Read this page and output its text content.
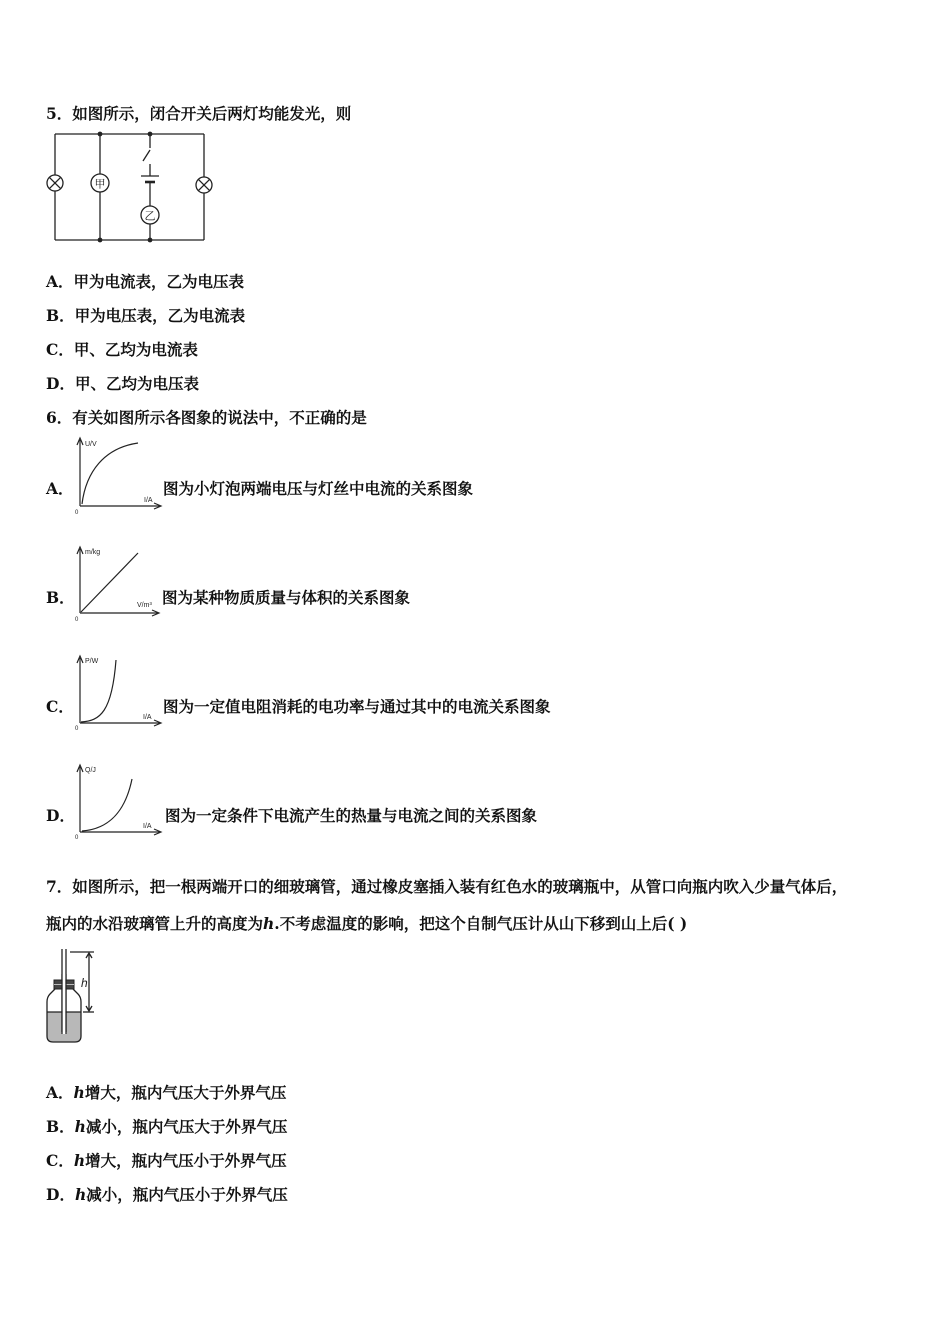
5．如图所示，闭合开关后两灯均能发光，则
甲
乙
A．甲为电流表，乙为电压表
B．甲为电压表，乙为电流表
C．甲、乙均为电流表
D．甲、乙均为电压表
6．有关如图所示各图象的说法中，不正确的是
A．
U/V
I/A
0
图为小灯泡两端电压与灯丝中电流的关系图象
B．
m/kg
V/m³
0
图为某种物质质量与体积的关系图象
C．
P/W
I/A
0
图为一定值电阻消耗的电功率与通过其中的电流关系图象
D．
Q/J
I/A
0
图为一定条件下电流产生的热量与电流之间的关系图象
7．如图所示，把一根两端开口的细玻璃管，通过橡皮塞插入装有红色水的玻璃瓶中，从管口向瓶内吹入少量气体后，
瓶内的水沿玻璃管上升的高度为h.不考虑温度的影响，把这个自制气压计从山下移到山上后( )
h
A．h增大，瓶内气压大于外界气压
B．h减小，瓶内气压大于外界气压
C．h增大，瓶内气压小于外界气压
D．h减小，瓶内气压小于外界气压
